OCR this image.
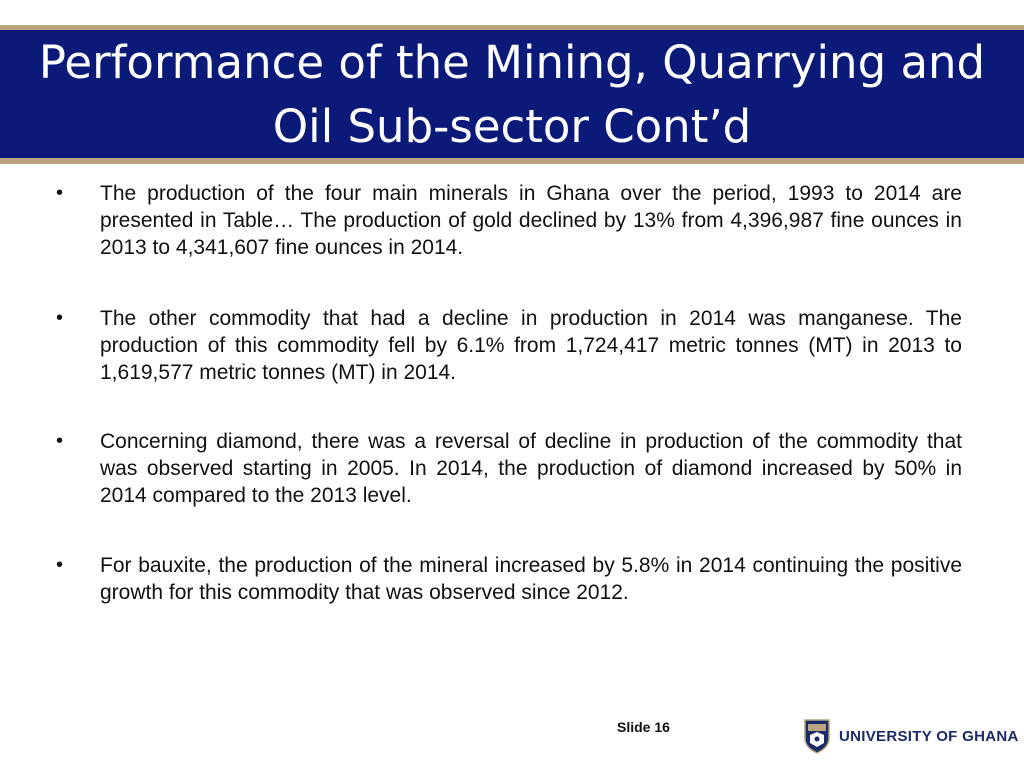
Performance of the Mining, Quarrying and Oil Sub-sector Cont’d
• The production of the four main minerals in Ghana over the period, 1993 to 2014 are presented in Table… The production of gold declined by 13% from 4,396,987 fine ounces in 2013 to 4,341,607 fine ounces in 2014.
• The other commodity that had a decline in production in 2014 was manganese. The production of this commodity fell by 6.1% from 1,724,417 metric tonnes (MT) in 2013 to 1,619,577 metric tonnes (MT) in 2014.
• Concerning diamond, there was a reversal of decline in production of the commodity that was observed starting in 2005. In 2014, the production of diamond increased by 50% in 2014 compared to the 2013 level.
• For bauxite, the production of the mineral increased by 5.8% in 2014 continuing the positive growth for this commodity that was observed since 2012.
Slide 16
UNIVERSITY OF GHANA
